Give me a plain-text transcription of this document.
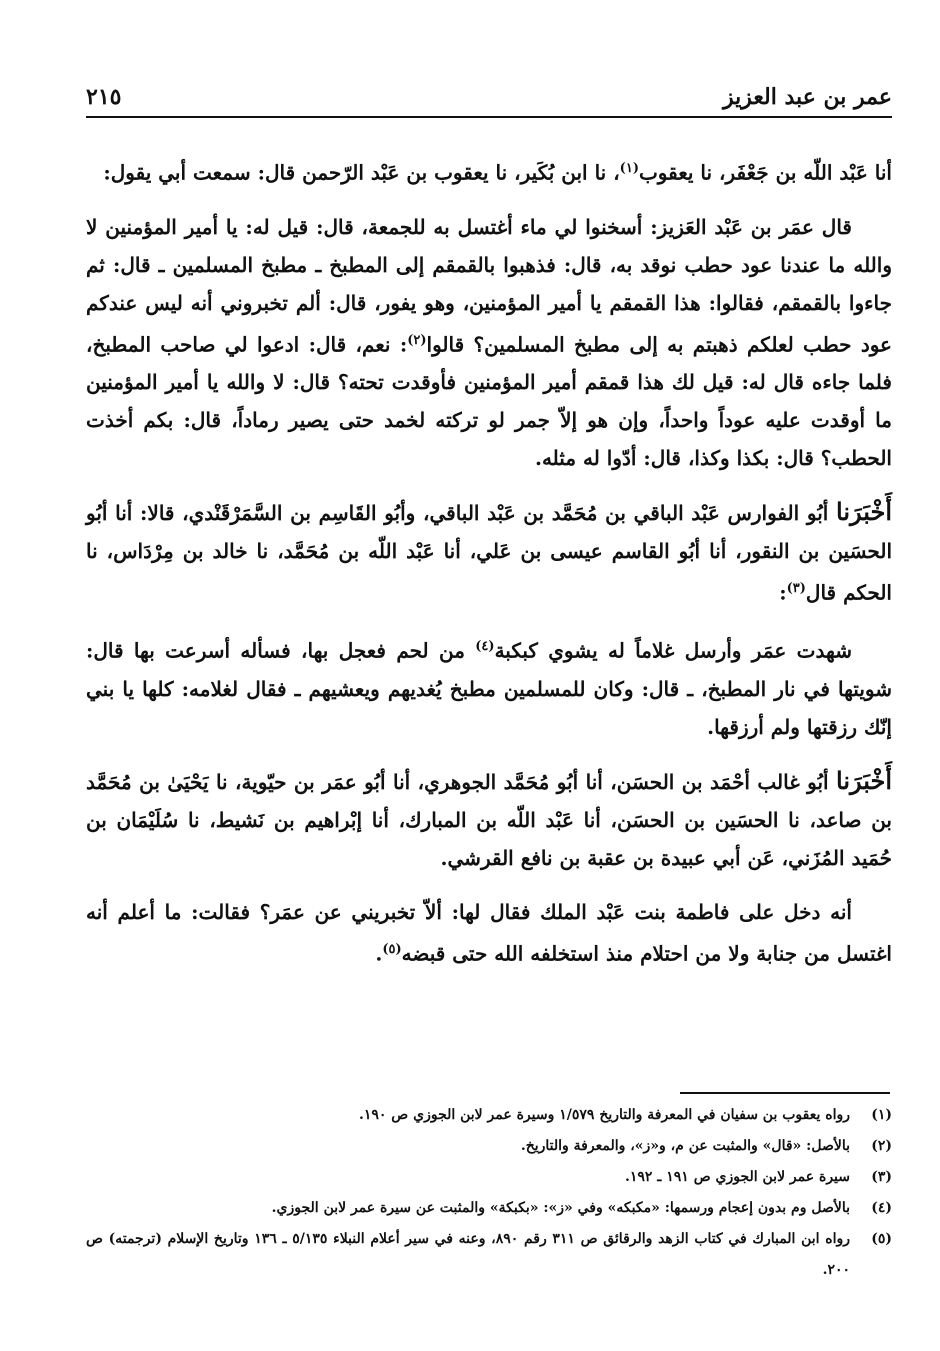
عمر بن عبد العزيز
٢١٥

أنا عَبْد اللّه بن جَعْفَر، نا يعقوب$^{(١)}$، نا ابن بُكَير، نا يعقوب بن عَبْد الرّحمن قال: سمعت أبي يقول:

قال عمَر بن عَبْد العَزيز: أسخنوا لي ماء أغتسل به للجمعة، قال: قيل له: يا أمير المؤمنين لا والله ما عندنا عود حطب نوقد به، قال: فذهبوا بالقمقم إلى المطبخ ـ مطبخ المسلمين ـ قال: ثم جاءوا بالقمقم، فقالوا: هذا القمقم يا أمير المؤمنين، وهو يفور، قال: ألم تخبروني أنه ليس عندكم عود حطب لعلكم ذهبتم به إلى مطبخ المسلمين؟ قالوا$^{(٢)}$: نعم، قال: ادعوا لي صاحب المطبخ، فلما جاءه قال له: قيل لك هذا قمقم أمير المؤمنين فأوقدت تحته؟ قال: لا والله يا أمير المؤمنين ما أوقدت عليه عوداً واحداً، وإن هو إلاّ جمر لو تركته لخمد حتى يصير رماداً، قال: بكم أخذت الحطب؟ قال: بكذا وكذا، قال: أدّوا له مثله.

أَخْبَرَنا أبُو الفوارس عَبْد الباقي بن مُحَمَّد بن عَبْد الباقي، وأبُو القَاسِم بن السَّمَرْقَنْدي، قالا: أنا أبُو الحسَين بن النقور، أنا أبُو القاسم عيسى بن عَلي، أنا عَبْد اللّه بن مُحَمَّد، نا خالد بن مِرْدَاس، نا الحكم قال$^{(٣)}$:

شهدت عمَر وأرسل غلاماً له يشوي كبكبة$^{(٤)}$ من لحم فعجل بها، فسأله أسرعت بها قال: شويتها في نار المطبخ، ـ قال: وكان للمسلمين مطبخ يُغديهم ويعشيهم ـ فقال لغلامه: كلها يا بني إنّك رزقتها ولم أرزقها.

أَخْبَرَنا أبُو غالب أحْمَد بن الحسَن، أنا أبُو مُحَمَّد الجوهري، أنا أبُو عمَر بن حيّوية، نا يَحْيَىٰ بن مُحَمَّد بن صاعد، نا الحسَين بن الحسَن، أنا عَبْد اللّه بن المبارك، أنا إبْراهيم بن نَشيط، نا سُلَيْمَان بن حُمَيد المُزَني، عَن أبي عبيدة بن عقبة بن نافع القرشي.

أنه دخل على فاطمة بنت عَبْد الملك فقال لها: ألاّ تخبريني عن عمَر؟ فقالت: ما أعلم أنه اغتسل من جنابة ولا من احتلام منذ استخلفه الله حتى قبضه$^{(٥)}$.

(١)
رواه يعقوب بن سفيان في المعرفة والتاريخ ١/٥٧٩ وسيرة عمر لابن الجوزي ص ١٩٠.
(٢)
بالأصل: «قال» والمثبت عن م، و«ز»، والمعرفة والتاريخ.
(٣)
سيرة عمر لابن الجوزي ص ١٩١ ـ ١٩٢.
(٤)
بالأصل وم بدون إعجام ورسمها: «مكبكه» وفي «ز»: «بكبكة» والمثبت عن سيرة عمر لابن الجوزي.
(٥)
رواه ابن المبارك في كتاب الزهد والرقائق ص ٣١١ رقم ٨٩٠، وعنه في سير أعلام النبلاء ٥/١٣٥ ـ ١٣٦ وتاريخ الإسلام (ترجمته) ص ٢٠٠.
